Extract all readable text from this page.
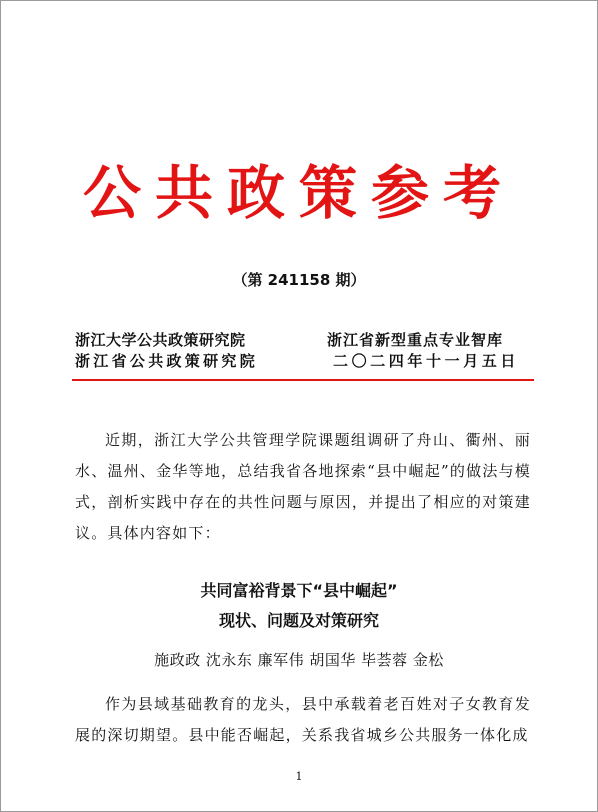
公共政策参考
（第 241158 期）
浙江大学公共政策研究院
浙江省公共政策研究院
浙江省新型重点专业智库
二〇二四年十一月五日
近期，浙江大学公共管理学院课题组调研了舟山、衢州、丽水、温州、金华等地，总结我省各地探索“县中崛起”的做法与模式，剖析实践中存在的共性问题与原因，并提出了相应的对策建议。具体内容如下：
共同富裕背景下“县中崛起”
现状、问题及对策研究
施政政 沈永东 廉军伟 胡国华 毕荟蓉 金松
作为县域基础教育的龙头，县中承载着老百姓对子女教育发展的深切期望。县中能否崛起，关系我省城乡公共服务一体化成
1
